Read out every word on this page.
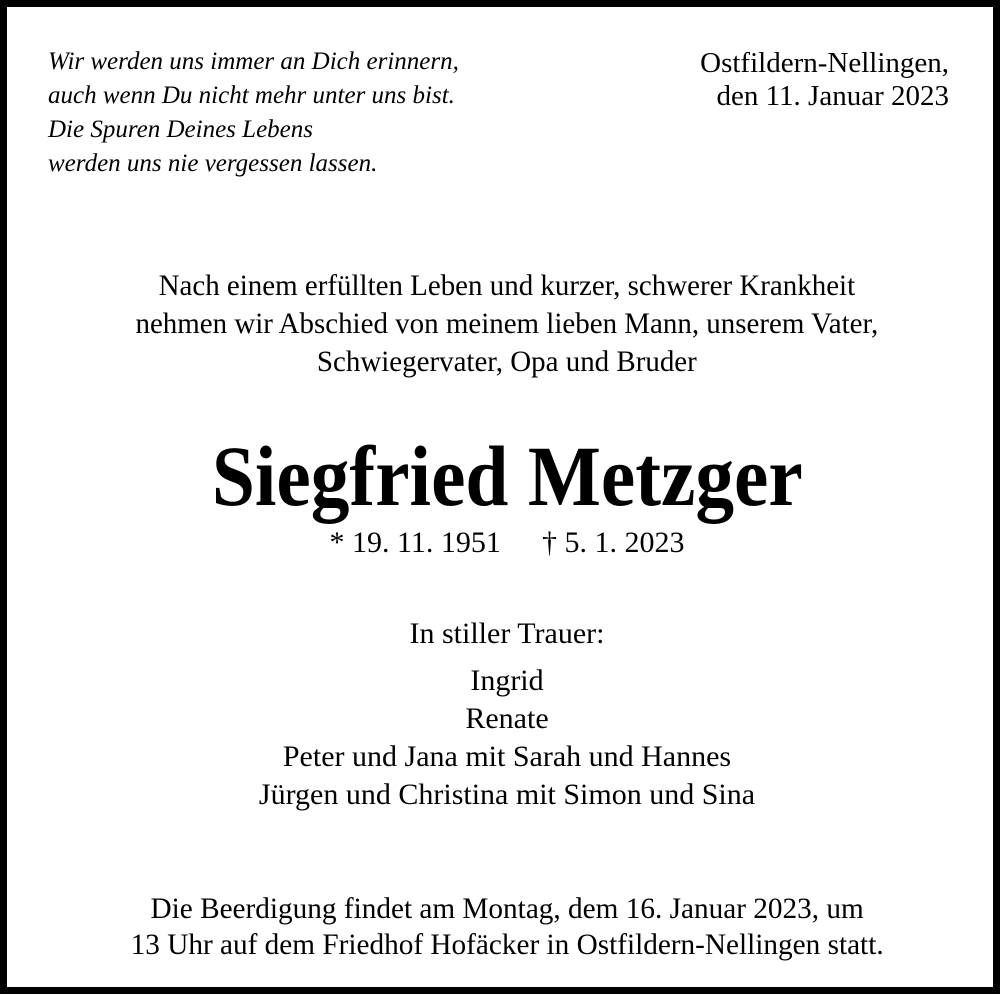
Wir werden uns immer an Dich erinnern,
auch wenn Du nicht mehr unter uns bist.
Die Spuren Deines Lebens
werden uns nie vergessen lassen.
Ostfildern-Nellingen,
den 11. Januar 2023
Nach einem erfüllten Leben und kurzer, schwerer Krankheit
nehmen wir Abschied von meinem lieben Mann, unserem Vater,
Schwiegervater, Opa und Bruder
Siegfried Metzger
* 19. 11. 1951 † 5. 1. 2023
In stiller Trauer:
Ingrid
Renate
Peter und Jana mit Sarah und Hannes
Jürgen und Christina mit Simon und Sina
Die Beerdigung findet am Montag, dem 16. Januar 2023, um
13 Uhr auf dem Friedhof Hofäcker in Ostfildern-Nellingen statt.
